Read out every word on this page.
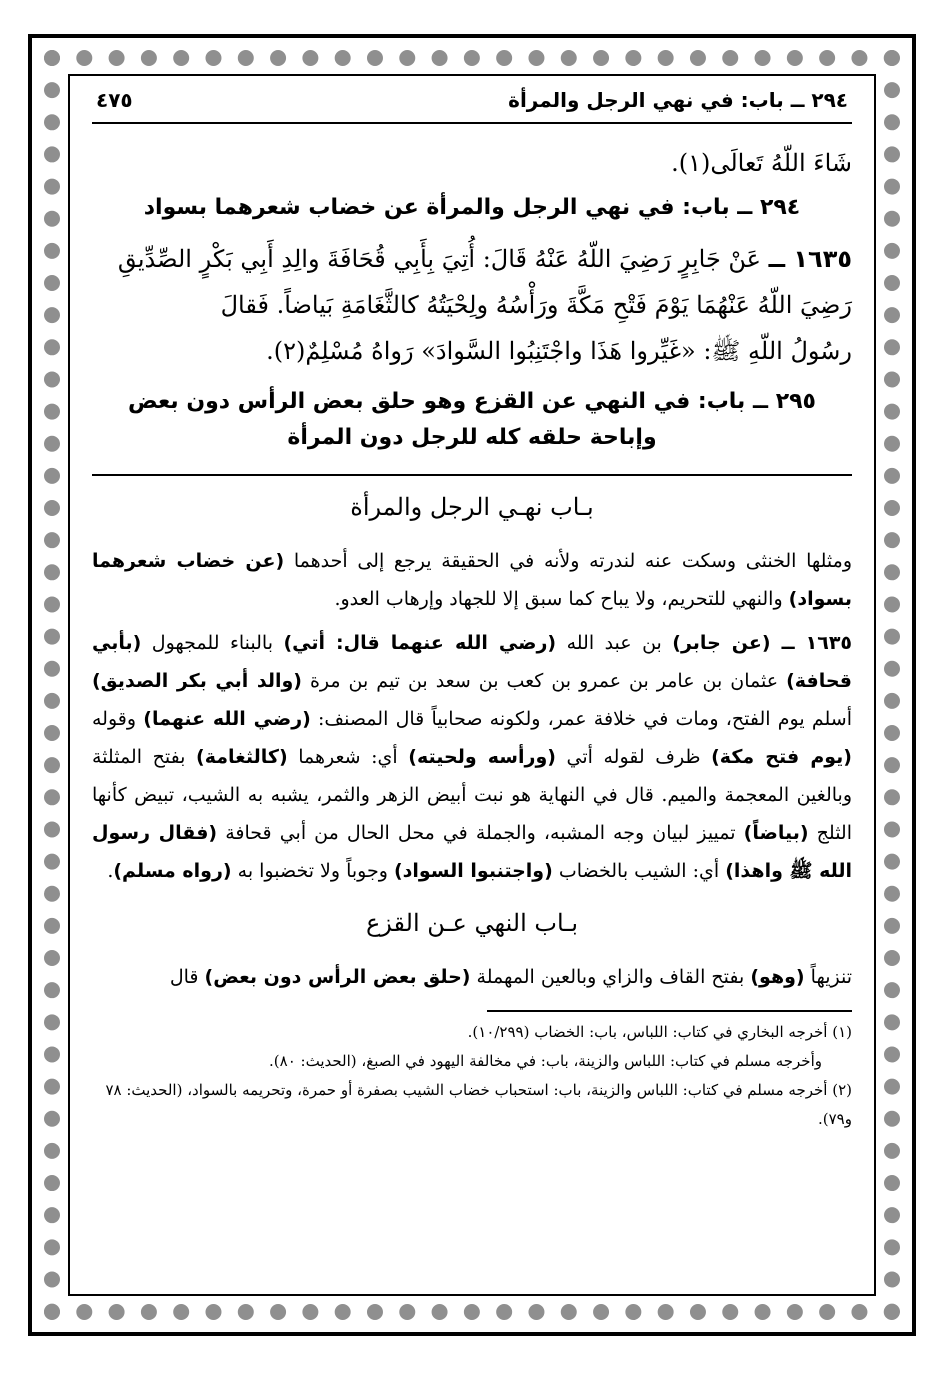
٢٩٤ ــ باب: في نهي الرجل والمرأة
٤٧٥

شَاءَ اللّهُ تَعالَى(١).

٢٩٤ ــ باب: في نهي الرجل والمرأة عن خضاب شعرهما بسواد

١٦٣٥ ــ عَنْ جَابِرٍ رَضِيَ اللّهُ عَنْهُ قَالَ: أُتِيَ بِأَبِي قُحَافَةَ والِدِ أَبِي بَكْرٍ الصِّدِّيقِ
رَضِيَ اللّهُ عَنْهُمَا يَوْمَ فَتْحِ مَكَّةَ ورَأْسُهُ ولِحْيَتُهُ كالثَّغَامَةِ بَياضاً. فَقالَ
رسُولُ اللّهِ ﷺ: «غَيِّروا هَذَا واجْتَنِبُوا السَّوادَ» رَواهُ مُسْلِمٌ(٢).
٢٩٥ ــ باب: في النهي عن القزع وهو حلق بعض الرأس دون بعض
وإباحة حلقه كله للرجل دون المرأة

بـاب نهـي الرجل والمرأة

ومثلها الخنثى وسكت عنه لندرته ولأنه في الحقيقة يرجع إلى أحدهما (عن خضاب شعرهما بسواد) والنهي للتحريم، ولا يباح كما سبق إلا للجهاد وإرهاب العدو.

١٦٣٥ ــ (عن جابر) بن عبد الله (رضي الله عنهما قال: أتي) بالبناء للمجهول (بأبي قحافة) عثمان بن عامر بن عمرو بن كعب بن سعد بن تيم بن مرة (والد أبي بكر الصديق) أسلم يوم الفتح، ومات في خلافة عمر، ولكونه صحابياً قال المصنف: (رضي الله عنهما) وقوله (يوم فتح مكة) ظرف لقوله أتي (ورأسه ولحيته) أي: شعرهما (كالثغامة) بفتح المثلثة وبالغين المعجمة والميم. قال في النهاية هو نبت أبيض الزهر والثمر، يشبه به الشيب، تبيض كأنها الثلج (بياضاً) تمييز لبيان وجه المشبه، والجملة في محل الحال من أبي قحافة (فقال رسول الله ﷺ واهذا) أي: الشيب بالخضاب (واجتنبوا السواد) وجوباً ولا تخضبوا به (رواه مسلم).

بـاب النهي عـن القزع

تنزيهاً (وهو) بفتح القاف والزاي وبالعين المهملة (حلق بعض الرأس دون بعض) قال

(١) أخرجه البخاري في كتاب: اللباس، باب: الخضاب (١٠/٢٩٩).
وأخرجه مسلم في كتاب: اللباس والزينة، باب: في مخالفة اليهود في الصبغ، (الحديث: ٨٠).
(٢) أخرجه مسلم في كتاب: اللباس والزينة، باب: استحباب خضاب الشيب بصفرة أو حمرة، وتحريمه بالسواد، (الحديث: ٧٨ و٧٩).
